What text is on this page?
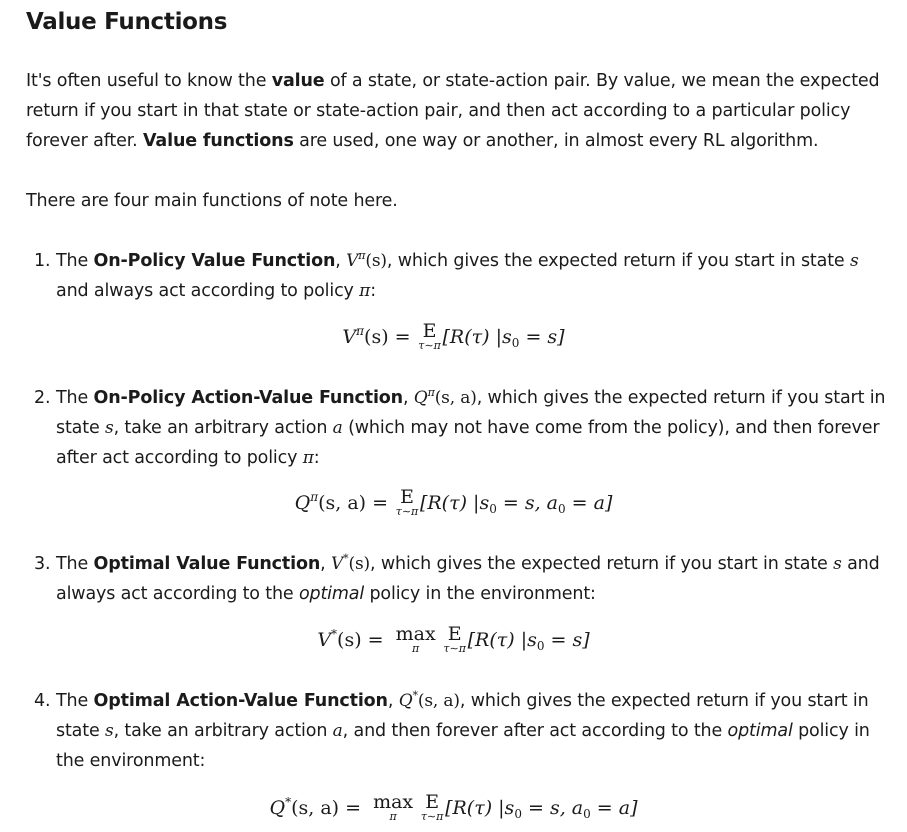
Value Functions

It's often useful to know the value of a state, or state-action pair. By value, we mean the expected return if you start in that state or state-action pair, and then act according to a particular policy forever after. Value functions are used, one way or another, in almost every RL algorithm.

There are four main functions of note here.

1. The On-Policy Value Function, $V^\pi(s)$, which gives the expected return if you start in state s and always act according to policy π:
$V^\pi(s) = E$
τ∼π [R(τ) $|s_0 = s$]
2. The On-Policy Action-Value Function, $Q^\pi(s$, a), which gives the expected return if you start in state s, take an arbitrary action a (which may not have come from the policy), and then forever after act according to policy π:
$Q^\pi(s$, a) = E
τ∼π [R(τ) $|s_0 = s$, $a_0 = a$]
3. The Optimal Value Function, V*(s), which gives the expected return if you start in state s and always act according to the optimal policy in the environment:
V*(s) = max
π
E
τ∼π [R(τ) $|s_0 = s$]
4. The Optimal Action-Value Function, Q*(s, a), which gives the expected return if you start in state s, take an arbitrary action a, and then forever after act according to the optimal policy in the environment:
Q*(s, a) = max
π
E
τ∼π [R(τ) $|s_0 = s$, $a_0 = a$]
